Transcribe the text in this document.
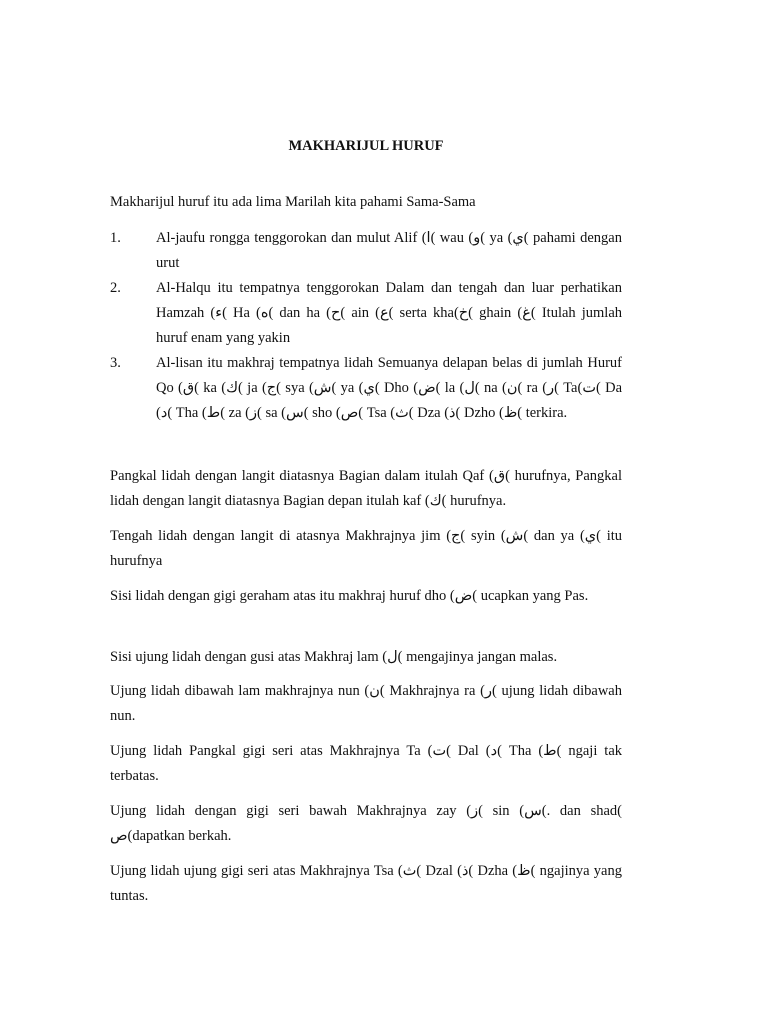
MAKHARIJUL HURUF
Makharijul huruf itu ada lima Marilah kita pahami Sama-Sama
1. Al-jaufu rongga tenggorokan dan mulut Alif (ا( wau (و( ya (ي( pahami dengan urut
2. Al-Halqu itu tempatnya tenggorokan Dalam dan tengah dan luar perhatikan Hamzah (ء( Ha (ه( dan ha (ح( ain (ع( serta kha(خ( ghain (غ( Itulah jumlah huruf enam yang yakin
3. Al-lisan itu makhraj tempatnya lidah Semuanya delapan belas di jumlah Huruf Qo (ق( ka (ك( ja (ج( sya (ش( ya (ي( Dho (ض( la (ل( na (ن( ra (ر( Ta(ت( Da (د( Tha (ط( za (ز( sa (س( sho (ص( Tsa (ث( Dza (ذ( Dzho (ظ( terkira.
Pangkal lidah dengan langit diatasnya Bagian dalam itulah Qaf (ق( hurufnya, Pangkal lidah dengan langit diatasnya Bagian depan itulah kaf (ك( hurufnya.
Tengah lidah dengan langit di atasnya Makhrajnya jim (ج( syin (ش( dan ya (ي( itu hurufnya
Sisi lidah dengan gigi geraham atas itu makhraj huruf dho (ض( ucapkan yang Pas.
Sisi ujung lidah dengan gusi atas Makhraj lam (ل( mengajinya jangan malas.
Ujung lidah dibawah lam makhrajnya nun (ن( Makhrajnya ra (ر( ujung lidah dibawah nun.
Ujung lidah Pangkal gigi seri atas Makhrajnya Ta (ت( Dal (د( Tha (ط( ngaji tak terbatas.
Ujung lidah dengan gigi seri bawah Makhrajnya zay (ز( sin (س(. dan shad( ص(dapatkan berkah.
Ujung lidah ujung gigi seri atas Makhrajnya Tsa (ث( Dzal (ذ( Dzha (ظ( ngajinya yang tuntas.
